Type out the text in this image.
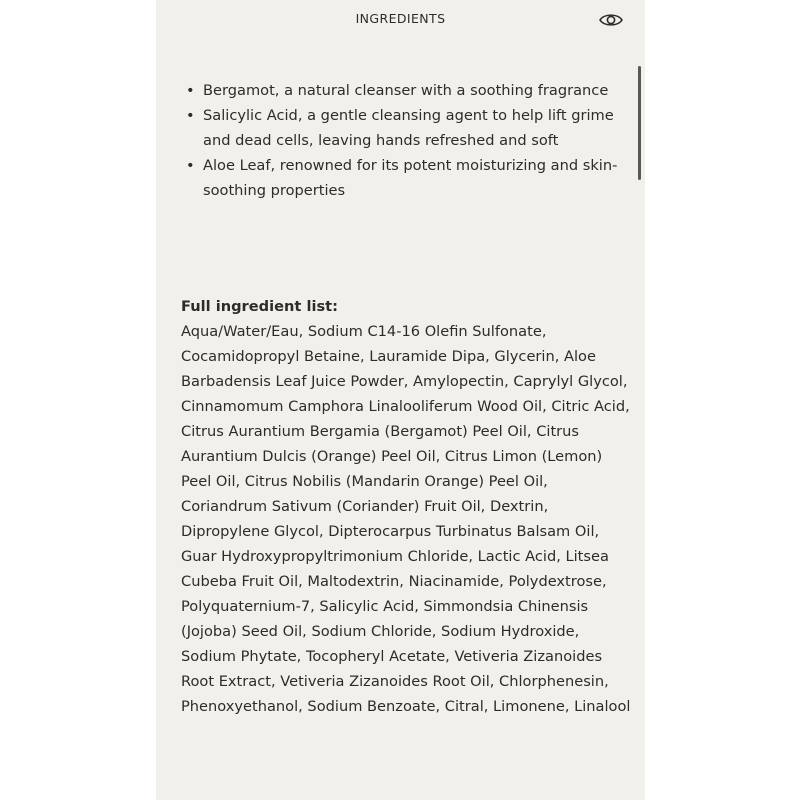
INGREDIENTS
• Bergamot, a natural cleanser with a soothing fragrance
• Salicylic Acid, a gentle cleansing agent to help lift grime and dead cells, leaving hands refreshed and soft
• Aloe Leaf, renowned for its potent moisturizing and skin-soothing properties
Full ingredient list:
Aqua/Water/Eau, Sodium C14-16 Olefin Sulfonate, Cocamidopropyl Betaine, Lauramide Dipa, Glycerin, Aloe Barbadensis Leaf Juice Powder, Amylopectin, Caprylyl Glycol, Cinnamomum Camphora Linalooliferum Wood Oil, Citric Acid, Citrus Aurantium Bergamia (Bergamot) Peel Oil, Citrus Aurantium Dulcis (Orange) Peel Oil, Citrus Limon (Lemon) Peel Oil, Citrus Nobilis (Mandarin Orange) Peel Oil, Coriandrum Sativum (Coriander) Fruit Oil, Dextrin, Dipropylene Glycol, Dipterocarpus Turbinatus Balsam Oil, Guar Hydroxypropyltrimonium Chloride, Lactic Acid, Litsea Cubeba Fruit Oil, Maltodextrin, Niacinamide, Polydextrose, Polyquaternium-7, Salicylic Acid, Simmondsia Chinensis (Jojoba) Seed Oil, Sodium Chloride, Sodium Hydroxide, Sodium Phytate, Tocopheryl Acetate, Vetiveria Zizanoides Root Extract, Vetiveria Zizanoides Root Oil, Chlorphenesin, Phenoxyethanol, Sodium Benzoate, Citral, Limonene, Linalool
